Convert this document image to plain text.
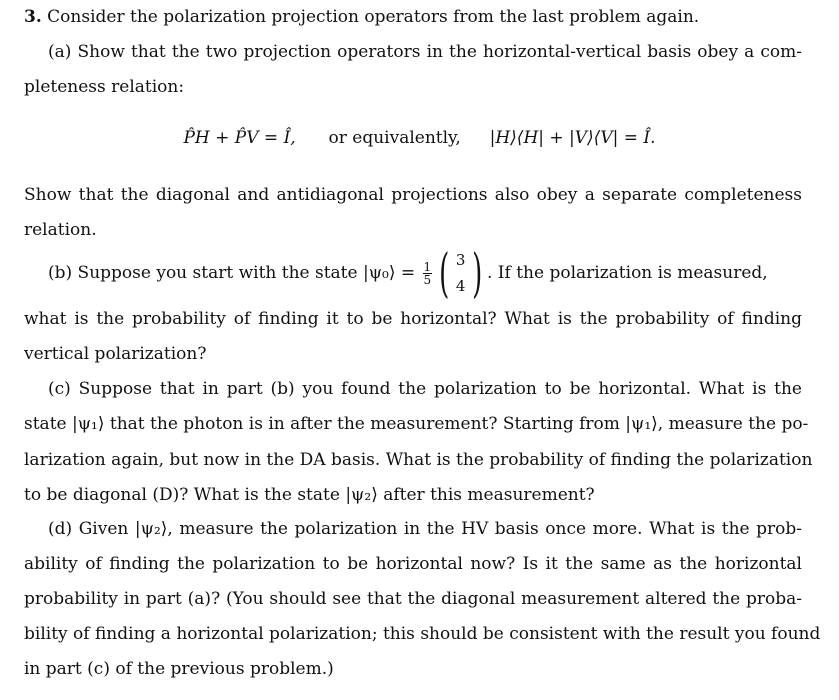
3. Consider the polarization projection operators from the last problem again.
(a) Show that the two projection operators in the horizontal-vertical basis obey a com-
pleteness relation:
P̂H + P̂V = Î, or equivalently, |H⟩⟨H| + |V⟩⟨V| = Î.
Show that the diagonal and antidiagonal projections also obey a separate completeness
relation.
(b) Suppose you start with the state |ψ₀⟩ = $\frac{1}{5}$
( 3
4 ) . If the polarization is measured,
what is the probability of finding it to be horizontal? What is the probability of finding
vertical polarization?
(c) Suppose that in part (b) you found the polarization to be horizontal. What is the
state |ψ₁⟩ that the photon is in after the measurement? Starting from |ψ₁⟩, measure the po-
larization again, but now in the DA basis. What is the probability of finding the polarization
to be diagonal (D)? What is the state |ψ₂⟩ after this measurement?
(d) Given |ψ₂⟩, measure the polarization in the HV basis once more. What is the prob-
ability of finding the polarization to be horizontal now? Is it the same as the horizontal
probability in part (a)? (You should see that the diagonal measurement altered the proba-
bility of finding a horizontal polarization; this should be consistent with the result you found
in part (c) of the previous problem.)
